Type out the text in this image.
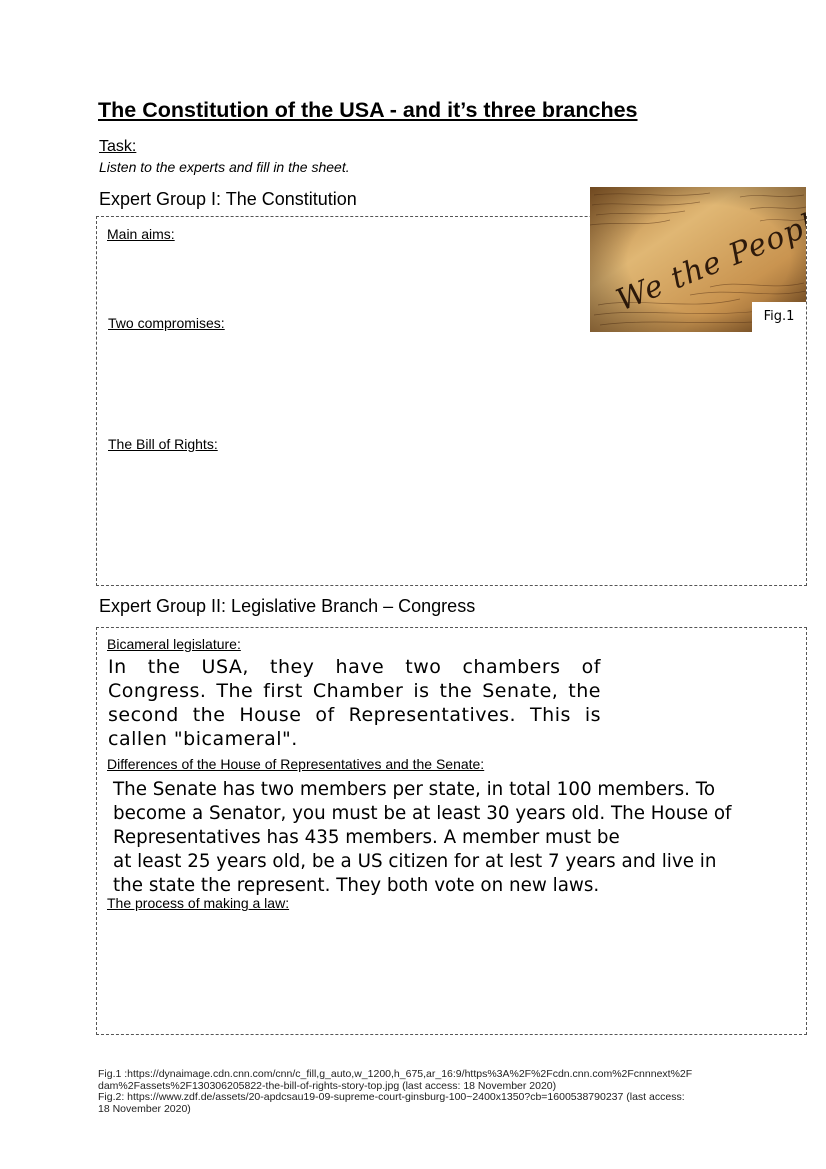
The Constitution of the USA - and it’s three branches
Task:
Listen to the experts and fill in the sheet.
Expert Group I: The Constitution
Main aims:
Two compromises:
The Bill of Rights:
Fig.1
Expert Group II: Legislative Branch – Congress
Bicameral legislature:
In the USA, they have two chambers of Congress. The first Chamber is the Senate, the second the House of Representatives. This is callen "bicameral".
Differences of the House of Representatives and the Senate:
The Senate has two members per state, in total 100 members. To
become a Senator, you must be at least 30 years old. The House of
Representatives has 435 members. A member must be
at least 25 years old, be a US citizen for at lest 7 years and live in
the state the represent. They both vote on new laws.
The process of making a law:
Fig.1 :https://dynaimage.cdn.cnn.com/cnn/c_fill,g_auto,w_1200,h_675,ar_16:9/https%3A%2F%2Fcdn.cnn.com%2Fcnnnext%2F
dam%2Fassets%2F130306205822-the-bill-of-rights-story-top.jpg (last access: 18 November 2020)
Fig.2: https://www.zdf.de/assets/20-apdcsau19-09-supreme-court-ginsburg-100~2400x1350?cb=1600538790237 (last access:
18 November 2020)
